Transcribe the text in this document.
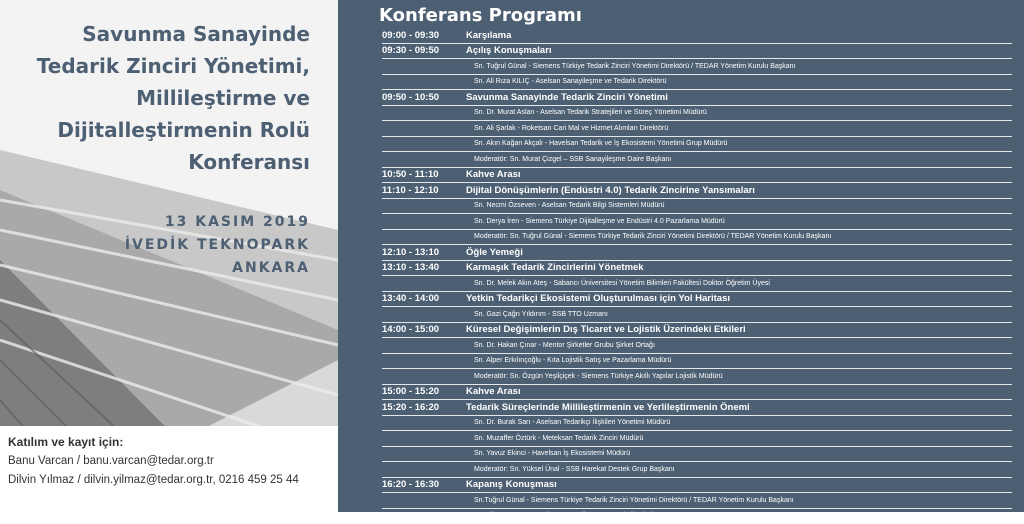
Savunma Sanayinde
Tedarik Zinciri Yönetimi,
Millileştirme ve
Dijitalleştirmenin Rolü
Konferansı
13 KASIM 2019
İVEDİK TEKNOPARK
ANKARA
Katılım ve kayıt için:
Banu Varcan / banu.varcan@tedar.org.tr
Dilvin Yılmaz / dilvin.yilmaz@tedar.org.tr, 0216 459 25 44
Konferans Programı
09:00 - 09:30	Karşılama
09:30 - 09:50	Açılış Konuşmaları
Sn. Tuğrul Günal - Siemens Türkiye Tedarik Zinciri Yönetimi Direktörü / TEDAR Yönetim Kurulu Başkanı
Sn. Ali Rıza KILIÇ - Aselsan Sanayileşme ve Tedarik Direktörü
09:50 - 10:50	Savunma Sanayinde Tedarik Zinciri Yönetimi
Sn. Dr. Murat Aslan - Aselsan Tedarik Stratejileri ve Süreç Yönetimi Müdürü
Sn. Ali Şarlak - Roketsan Cari Mal ve Hizmet Alımları Direktörü
Sn. Akın Kağan Akçalı - Havelsan Tedarik ve İş Ekosistemi Yönetimi Grup Müdürü
Moderatör: Sn. Murat Çizgel – SSB Sanayileşme Daire Başkanı
10:50 - 11:10	Kahve Arası
11:10 - 12:10	Dijital Dönüşümlerin (Endüstri 4.0) Tedarik Zincirine Yansımaları
Sn. Necmi Özseven - Aselsan Tedarik Bilgi Sistemleri Müdürü
Sn. Derya İren - Siemens Türkiye Dijitalleşme ve Endüstri 4.0 Pazarlama Müdürü
Moderatör: Sn. Tuğrul Günal - Siemens Türkiye Tedarik Zinciri Yönetimi Direktörü / TEDAR Yönetim Kurulu Başkanı
12:10 - 13:10	Öğle Yemeği
13:10 - 13:40	Karmaşık Tedarik Zincirlerini Yönetmek
Sn. Dr. Melek Akın Ateş - Sabancı Üniversitesi Yönetim Bilimleri Fakültesi Doktor Öğretim Üyesi
13:40 - 14:00	Yetkin Tedarikçi Ekosistemi Oluşturulması için Yol Haritası
Sn. Gazi Çağrı Yıldırım - SSB TTO Uzmanı
14:00 - 15:00	Küresel Değişimlerin Dış Ticaret ve Lojistik Üzerindeki Etkileri
Sn. Dr. Hakan Çınar - Mentor Şirketler Grubu Şirket Ortağı
Sn. Alper Erkılınçoğlu - Kıta Lojistik Satış ve Pazarlama Müdürü
Moderatör: Sn. Özgün Yeşilçiçek - Siemens Türkiye Akıllı Yapılar Lojistik Müdürü
15:00 - 15:20	Kahve Arası
15:20 - 16:20	Tedarik Süreçlerinde Millileştirmenin ve Yerlileştirmenin Önemi
Sn. Dr. Burak Sarı - Aselsan Tedarikçi İlişkileri Yönetimi Müdürü
Sn. Muzaffer Öztürk - Meteksan Tedarik Zinciri Müdürü
Sn. Yavuz Ekinci - Havelsan İş Ekosistemi Müdürü
Moderatör: Sn. Yüksel Ünal - SSB Harekat Destek Grup Başkanı
16:20 - 16:30	Kapanış Konuşması
Sn.Tuğrul Günal - Siemens Türkiye Tedarik Zinciri Yönetimi Direktörü / TEDAR Yönetim Kurulu Başkanı
Sn. Ali Rıza KILIÇ - Aselsan Sanayileşme ve Tedarik Direktörü
